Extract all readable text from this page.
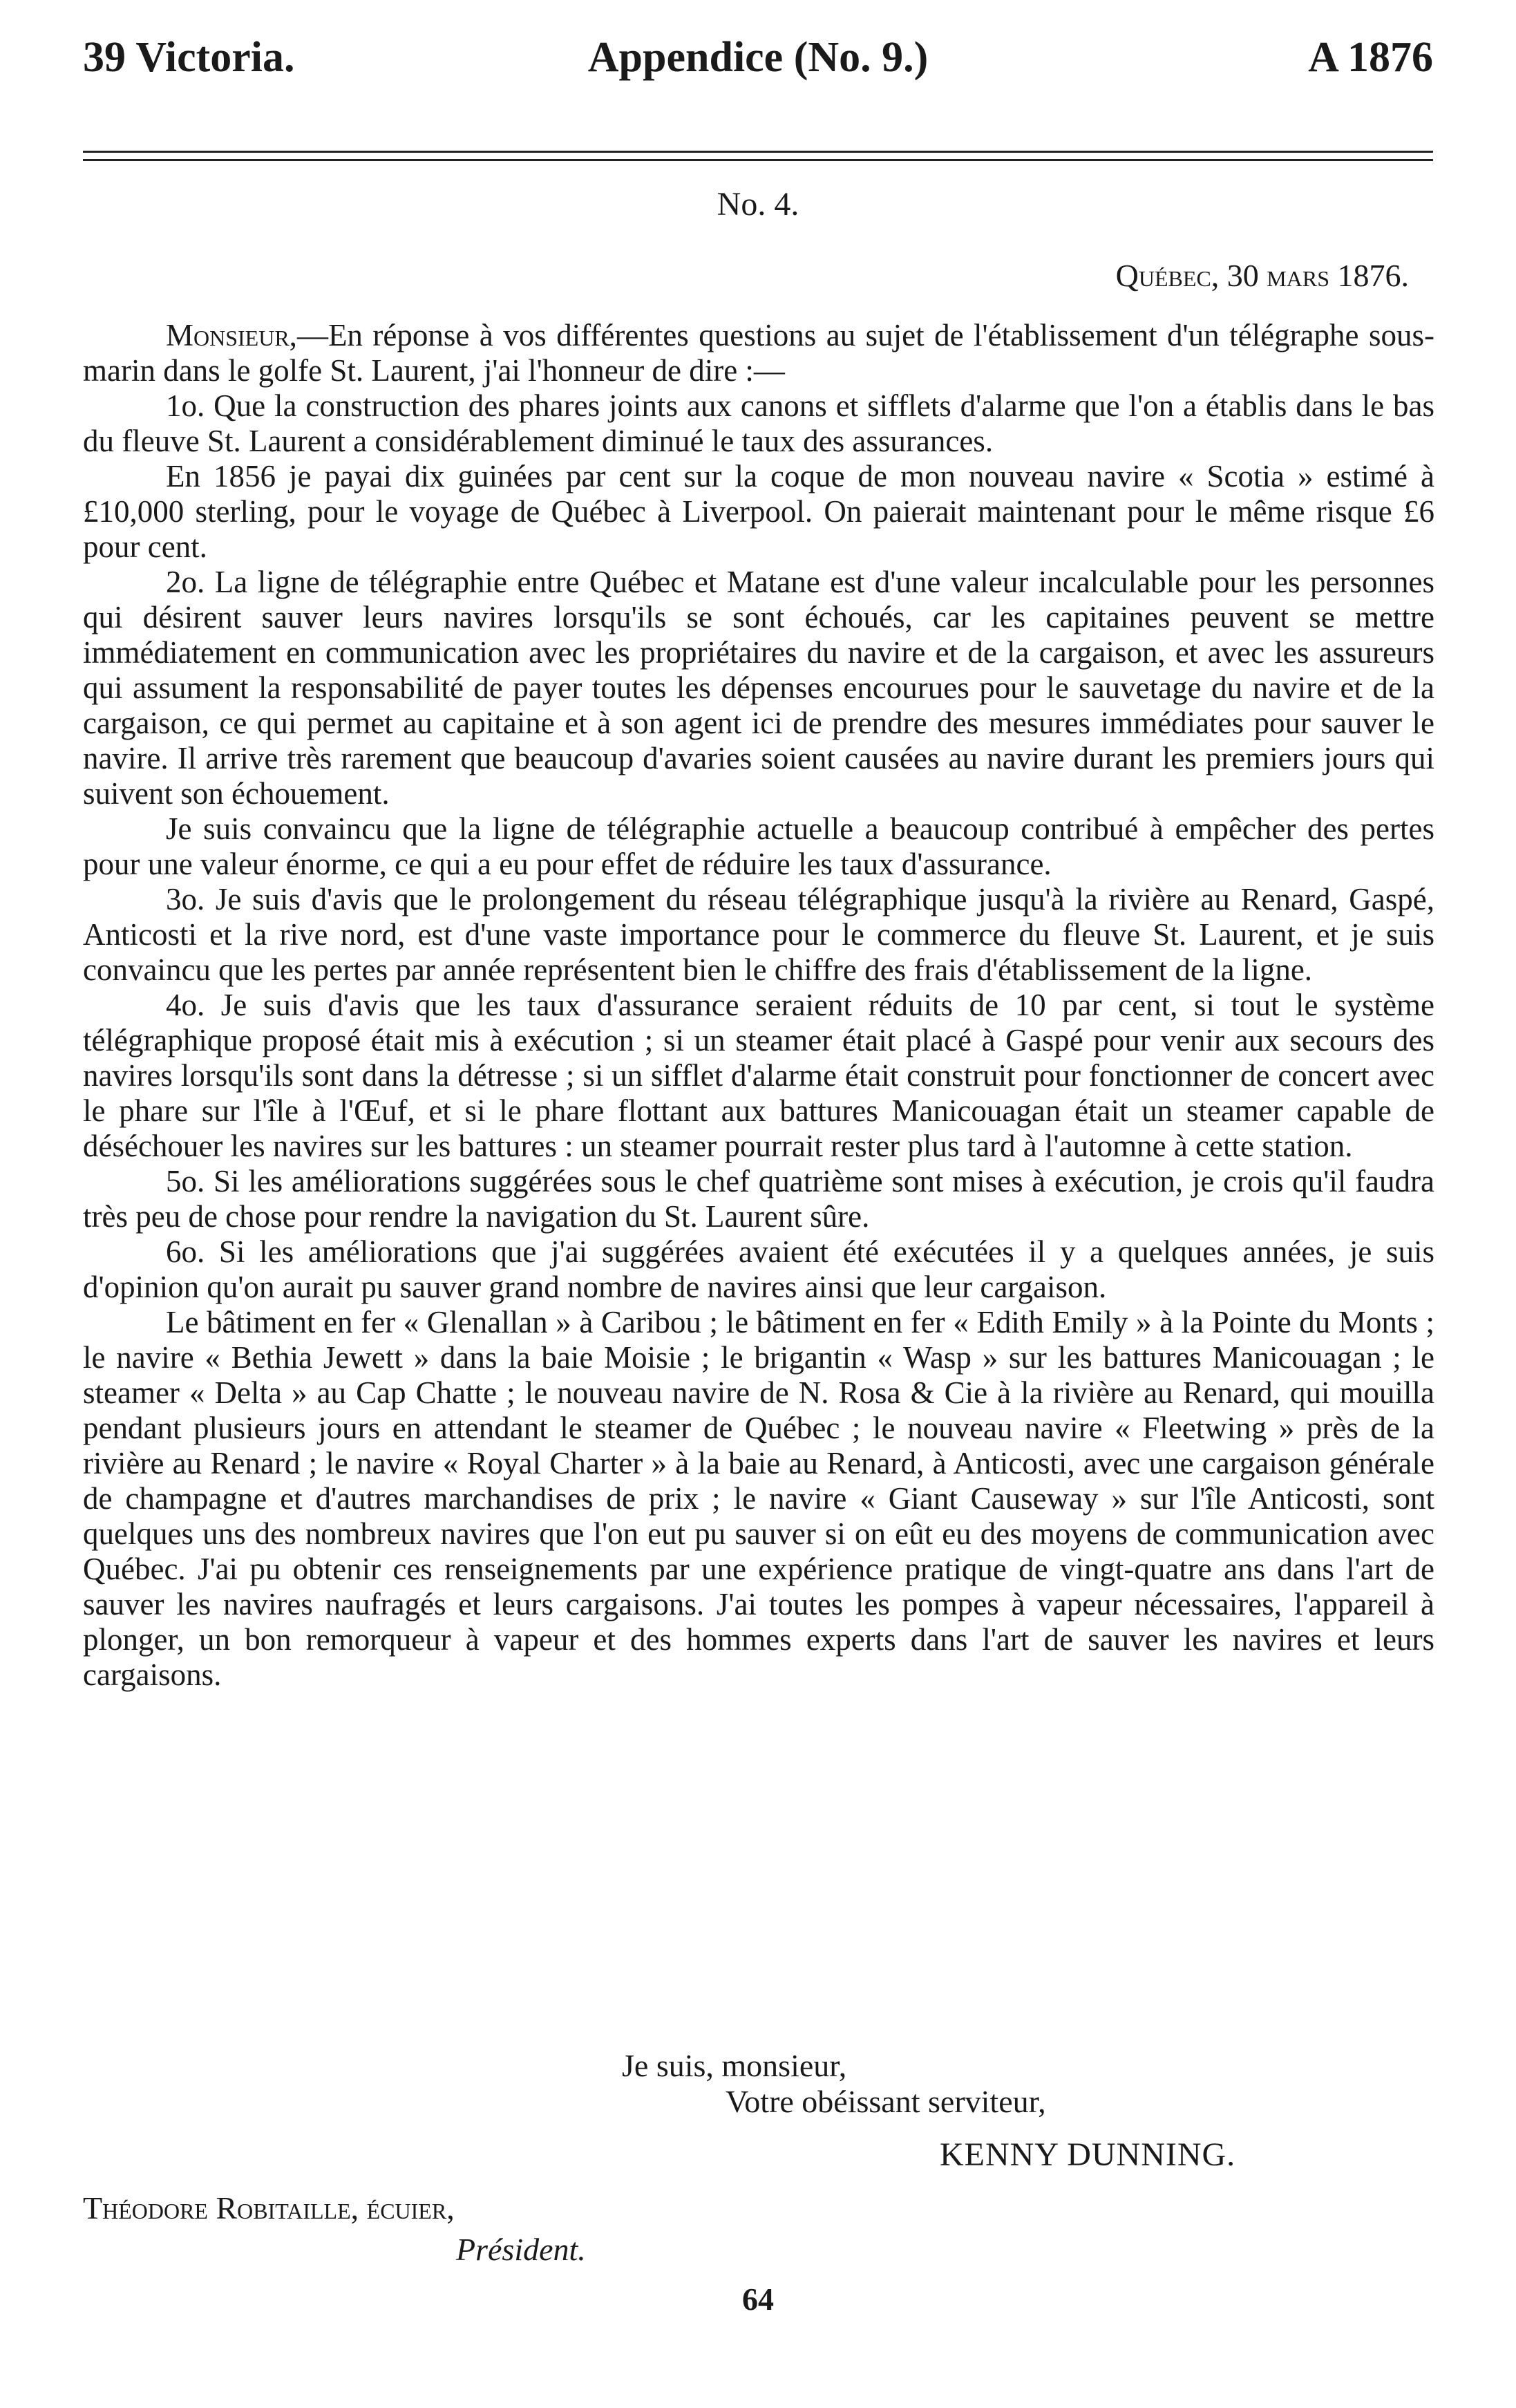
39 Victoria.	Appendice (No. 9.)	A 1876
No. 4.
Québec, 30 mars 1876.

Monsieur,—En réponse à vos différentes questions au sujet de l'établissement d'un télégraphe sous-marin dans le golfe St. Laurent, j'ai l'honneur de dire :—

1o. Que la construction des phares joints aux canons et sifflets d'alarme que l'on a établis dans le bas du fleuve St. Laurent a considérablement diminué le taux des assurances.

En 1856 je payai dix guinées par cent sur la coque de mon nouveau navire « Scotia » estimé à £10,000 sterling, pour le voyage de Québec à Liverpool. On paierait maintenant pour le même risque £6 pour cent.

2o. La ligne de télégraphie entre Québec et Matane est d'une valeur incalculable pour les personnes qui désirent sauver leurs navires lorsqu'ils se sont échoués, car les capitaines peuvent se mettre immédiatement en communication avec les propriétaires du navire et de la cargaison, et avec les assureurs qui assument la responsabilité de payer toutes les dépenses encourues pour le sauvetage du navire et de la cargaison, ce qui permet au capitaine et à son agent ici de prendre des mesures immédiates pour sauver le navire. Il arrive très rarement que beaucoup d'avaries soient causées au navire durant les premiers jours qui suivent son échouement.

Je suis convaincu que la ligne de télégraphie actuelle a beaucoup contribué à empêcher des pertes pour une valeur énorme, ce qui a eu pour effet de réduire les taux d'assurance.

3o. Je suis d'avis que le prolongement du réseau télégraphique jusqu'à la rivière au Renard, Gaspé, Anticosti et la rive nord, est d'une vaste importance pour le commerce du fleuve St. Laurent, et je suis convaincu que les pertes par année représentent bien le chiffre des frais d'établissement de la ligne.

4o. Je suis d'avis que les taux d'assurance seraient réduits de 10 par cent, si tout le système télégraphique proposé était mis à exécution ; si un steamer était placé à Gaspé pour venir aux secours des navires lorsqu'ils sont dans la détresse ; si un sifflet d'alarme était construit pour fonctionner de concert avec le phare sur l'île à l'Œuf, et si le phare flottant aux battures Manicouagan était un steamer capable de déséchouer les navires sur les battures : un steamer pourrait rester plus tard à l'automne à cette station.

5o. Si les améliorations suggérées sous le chef quatrième sont mises à exécution, je crois qu'il faudra très peu de chose pour rendre la navigation du St. Laurent sûre.

6o. Si les améliorations que j'ai suggérées avaient été exécutées il y a quelques années, je suis d'opinion qu'on aurait pu sauver grand nombre de navires ainsi que leur cargaison.

Le bâtiment en fer « Glenallan » à Caribou ; le bâtiment en fer « Edith Emily » à la Pointe du Monts ; le navire « Bethia Jewett » dans la baie Moisie ; le brigantin « Wasp » sur les battures Manicouagan ; le steamer « Delta » au Cap Chatte ; le nouveau navire de N. Rosa & Cie à la rivière au Renard, qui mouilla pendant plusieurs jours en attendant le steamer de Québec ; le nouveau navire « Fleetwing » près de la rivière au Renard ; le navire « Royal Charter » à la baie au Renard, à Anticosti, avec une cargaison générale de champagne et d'autres marchandises de prix ; le navire « Giant Causeway » sur l'île Anticosti, sont quelques uns des nombreux navires que l'on eut pu sauver si on eût eu des moyens de communication avec Québec. J'ai pu obtenir ces renseignements par une expérience pratique de vingt-quatre ans dans l'art de sauver les navires naufragés et leurs cargaisons. J'ai toutes les pompes à vapeur nécessaires, l'appareil à plonger, un bon remorqueur à vapeur et des hommes experts dans l'art de sauver les navires et leurs cargaisons.

Je suis, monsieur,
Votre obéissant serviteur,
KENNY DUNNING.
Théodore Robitaille, écuier,
Président.
64
